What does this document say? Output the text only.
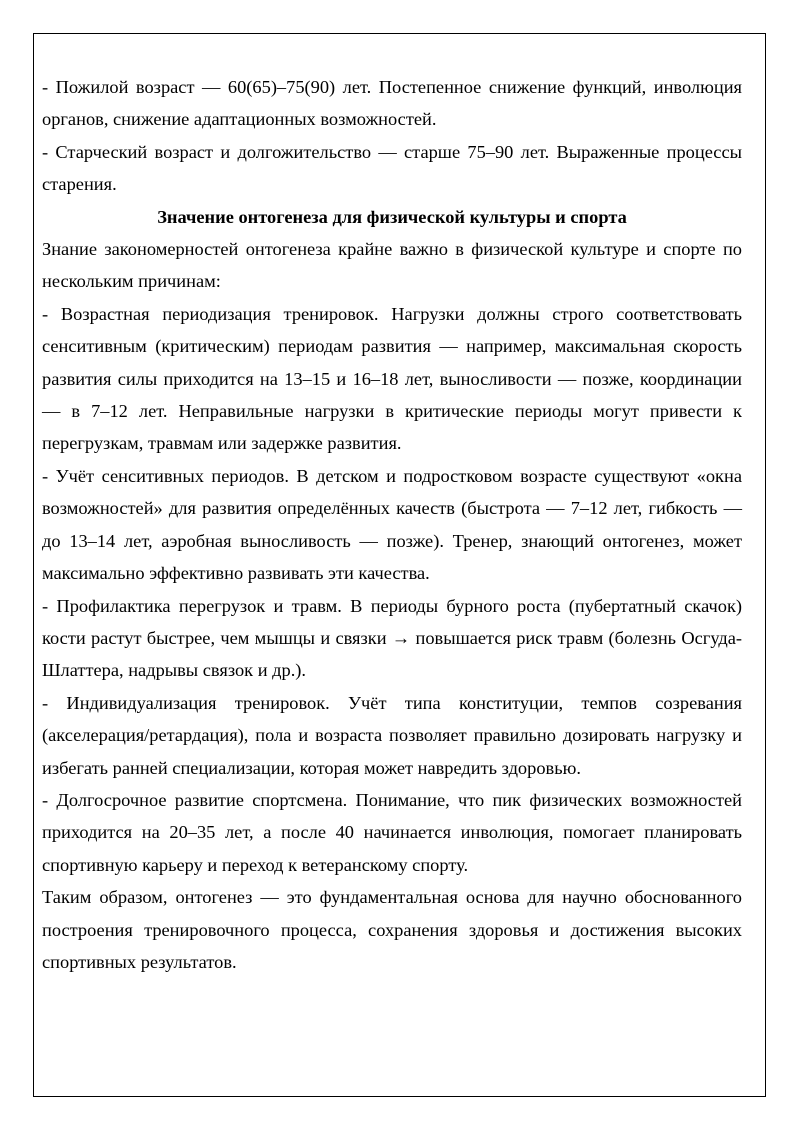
- Пожилой возраст — 60(65)–75(90) лет. Постепенное снижение функций, инволюция органов, снижение адаптационных возможностей.

- Старческий возраст и долгожительство — старше 75–90 лет. Выраженные процессы старения.

Значение онтогенеза для физической культуры и спорта

Знание закономерностей онтогенеза крайне важно в физической культуре и спорте по нескольким причинам:

- Возрастная периодизация тренировок. Нагрузки должны строго соответствовать сенситивным (критическим) периодам развития — например, максимальная скорость развития силы приходится на 13–15 и 16–18 лет, выносливости — позже, координации — в 7–12 лет. Неправильные нагрузки в критические периоды могут привести к перегрузкам, травмам или задержке развития.

- Учёт сенситивных периодов. В детском и подростковом возрасте существуют «окна возможностей» для развития определённых качеств (быстрота — 7–12 лет, гибкость — до 13–14 лет, аэробная выносливость — позже). Тренер, знающий онтогенез, может максимально эффективно развивать эти качества.

- Профилактика перегрузок и травм. В периоды бурного роста (пубертатный скачок) кости растут быстрее, чем мышцы и связки → повышается риск травм (болезнь Осгуда-Шлаттера, надрывы связок и др.).

- Индивидуализация тренировок. Учёт типа конституции, темпов созревания (акселерация/ретардация), пола и возраста позволяет правильно дозировать нагрузку и избегать ранней специализации, которая может навредить здоровью.

- Долгосрочное развитие спортсмена. Понимание, что пик физических возможностей приходится на 20–35 лет, а после 40 начинается инволюция, помогает планировать спортивную карьеру и переход к ветеранскому спорту.

Таким образом, онтогенез — это фундаментальная основа для научно обоснованного построения тренировочного процесса, сохранения здоровья и достижения высоких спортивных результатов.
